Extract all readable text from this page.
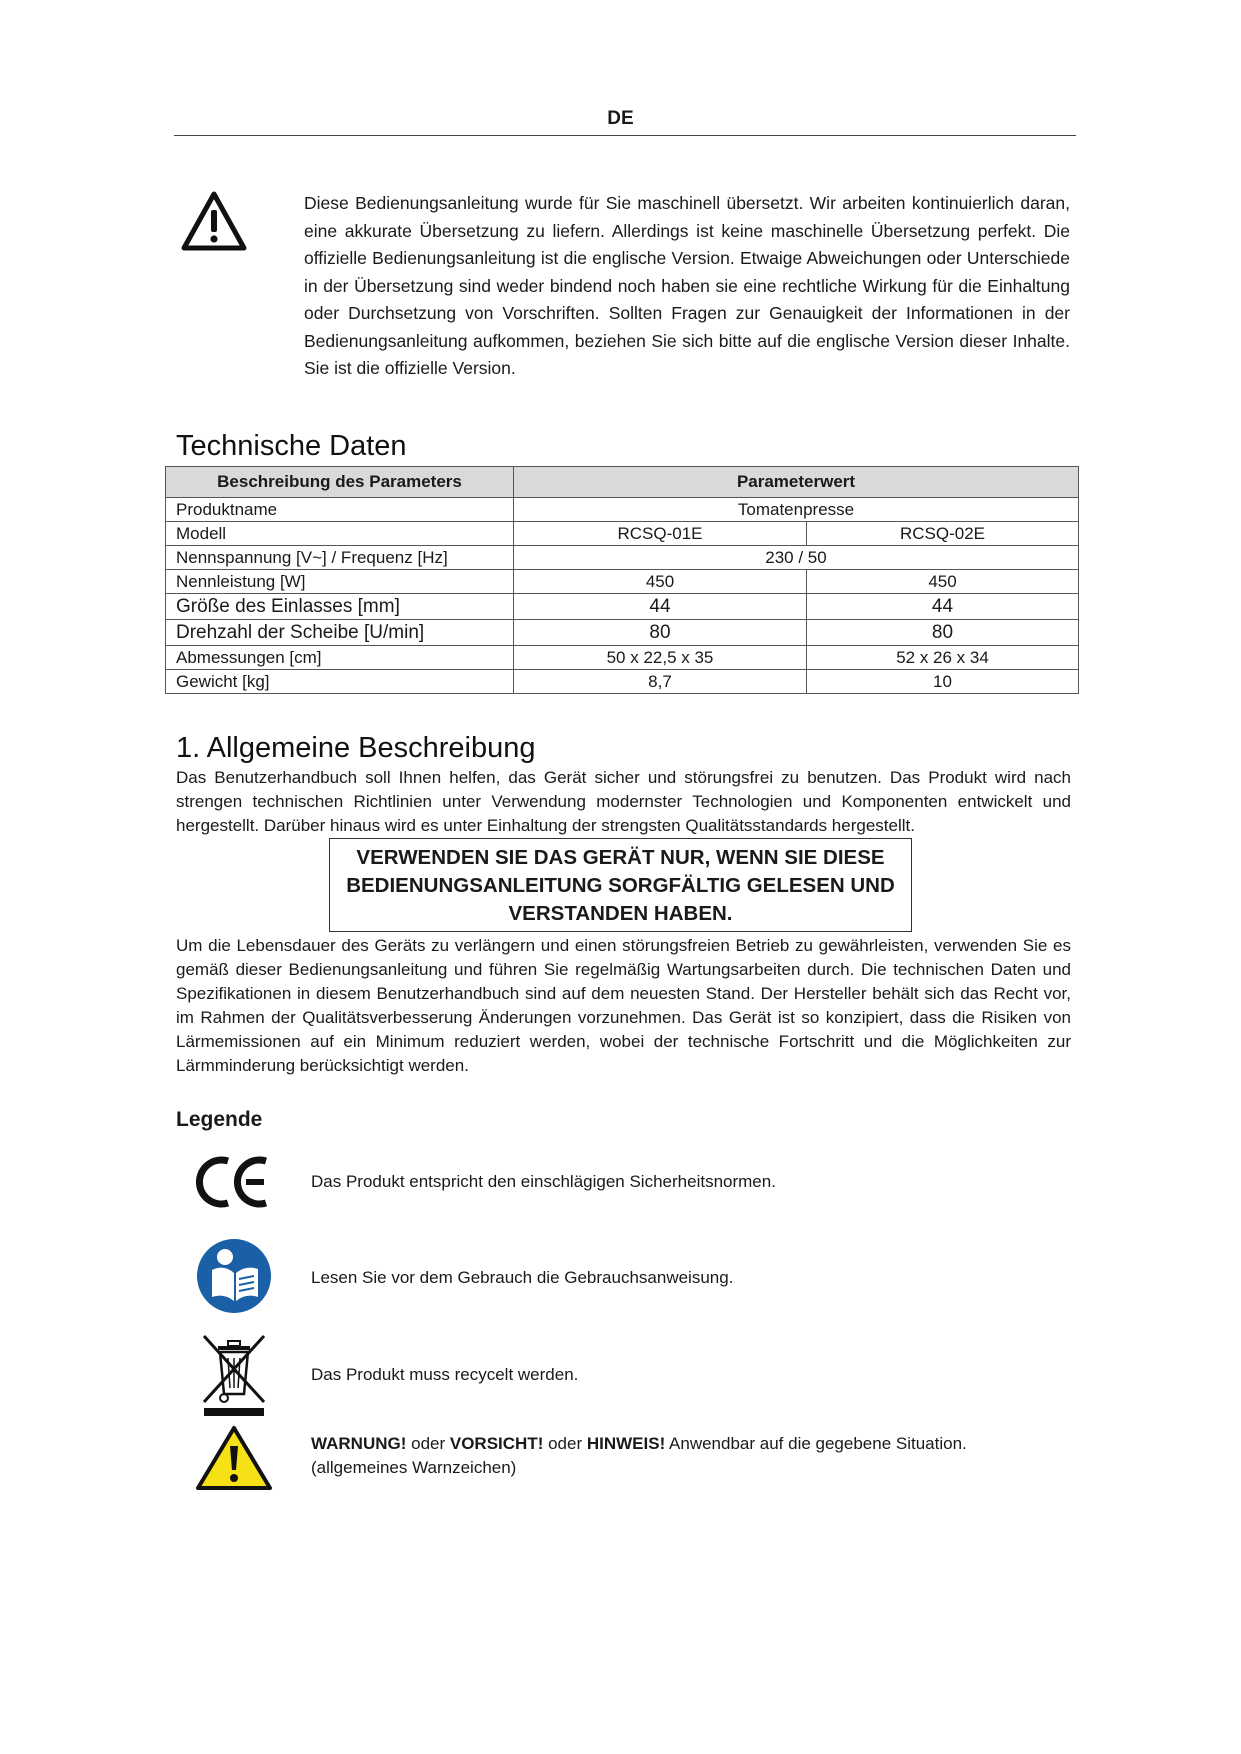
DE
Diese Bedienungsanleitung wurde für Sie maschinell übersetzt. Wir arbeiten kontinuierlich daran, eine akkurate Übersetzung zu liefern. Allerdings ist keine maschinelle Übersetzung perfekt. Die offizielle Bedienungsanleitung ist die englische Version. Etwaige Abweichungen oder Unterschiede in der Übersetzung sind weder bindend noch haben sie eine rechtliche Wirkung für die Einhaltung oder Durchsetzung von Vorschriften. Sollten Fragen zur Genauigkeit der Informationen in der Bedienungsanleitung aufkommen, beziehen Sie sich bitte auf die englische Version dieser Inhalte. Sie ist die offizielle Version.
Technische Daten
Beschreibung des Parameters	Parameterwert	
Produktname	Tomatenpresse	
Modell	RCSQ-01E	RCSQ-02E
Nennspannung [V~] / Frequenz [Hz]	230 / 50	
Nennleistung [W]	450	450
Größe des Einlasses [mm]	44	44
Drehzahl der Scheibe [U/min]	80	80
Abmessungen [cm]	50 x 22,5 x 35	52 x 26 x 34
Gewicht [kg]	8,7	10
1. Allgemeine Beschreibung
Das Benutzerhandbuch soll Ihnen helfen, das Gerät sicher und störungsfrei zu benutzen. Das Produkt wird nach strengen technischen Richtlinien unter Verwendung modernster Technologien und Komponenten entwickelt und hergestellt. Darüber hinaus wird es unter Einhaltung der strengsten Qualitätsstandards hergestellt.
VERWENDEN SIE DAS GERÄT NUR, WENN SIE DIESE
BEDIENUNGSANLEITUNG SORGFÄLTIG GELESEN UND
VERSTANDEN HABEN.
Um die Lebensdauer des Geräts zu verlängern und einen störungsfreien Betrieb zu gewährleisten, verwenden Sie es gemäß dieser Bedienungsanleitung und führen Sie regelmäßig Wartungsarbeiten durch. Die technischen Daten und Spezifikationen in diesem Benutzerhandbuch sind auf dem neuesten Stand. Der Hersteller behält sich das Recht vor, im Rahmen der Qualitätsverbesserung Änderungen vorzunehmen. Das Gerät ist so konzipiert, dass die Risiken von Lärmemissionen auf ein Minimum reduziert werden, wobei der technische Fortschritt und die Möglichkeiten zur Lärmminderung berücksichtigt werden.
Legende
Das Produkt entspricht den einschlägigen Sicherheitsnormen.
Lesen Sie vor dem Gebrauch die Gebrauchsanweisung.
Das Produkt muss recycelt werden.
WARNUNG! oder VORSICHT! oder HINWEIS! Anwendbar auf die gegebene Situation.
(allgemeines Warnzeichen)
